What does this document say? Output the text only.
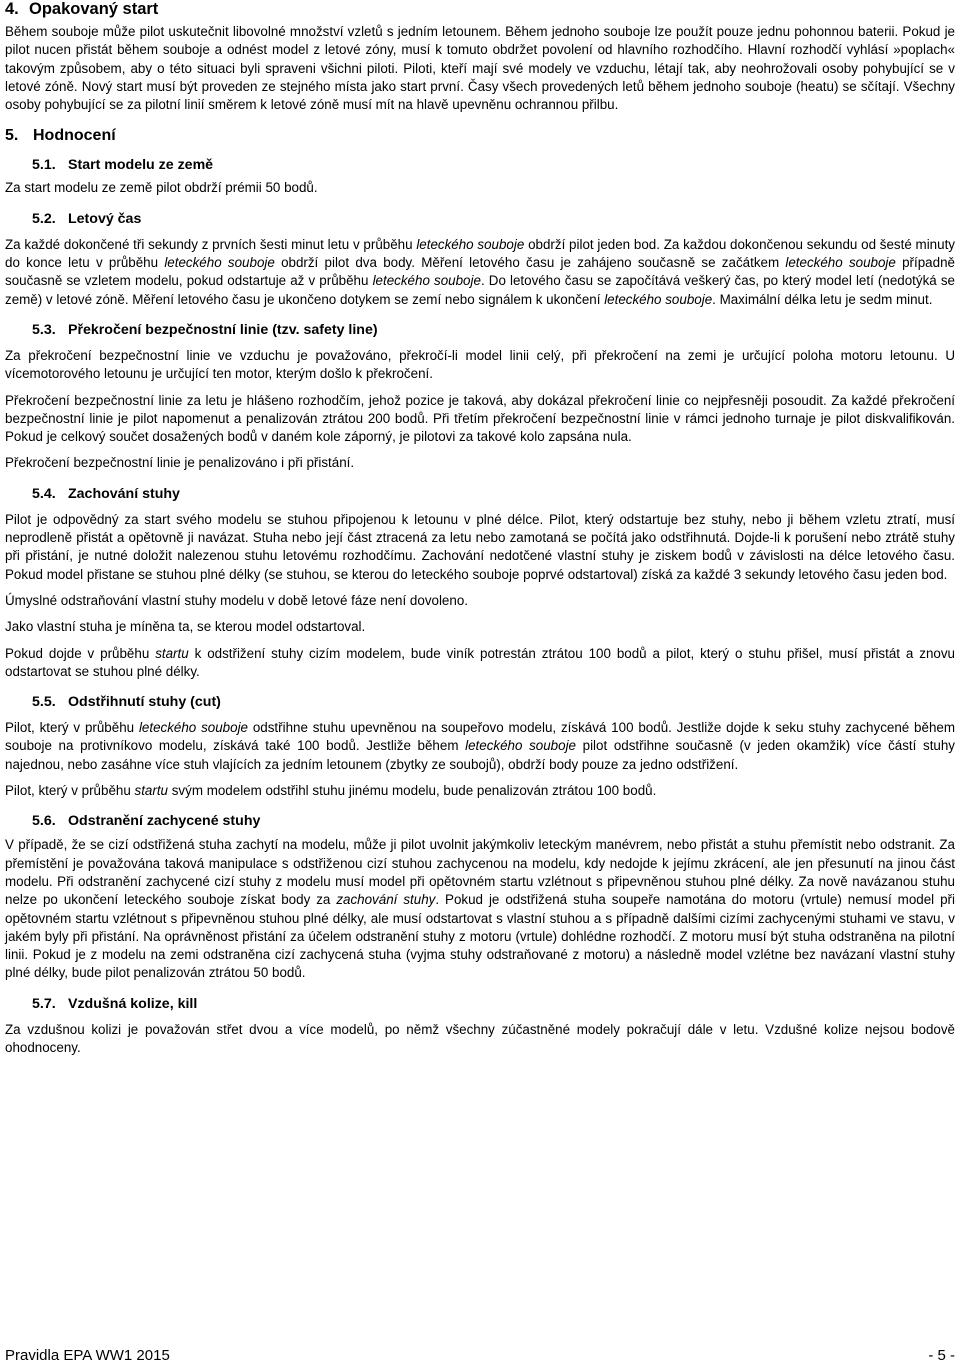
4. Opakovaný start

Během souboje může pilot uskutečnit libovolné množství vzletů s jedním letounem. Během jednoho souboje lze použít pouze jednu pohonnou baterii. Pokud je pilot nucen přistát během souboje a odnést model z letové zóny, musí k tomuto obdržet povolení od hlavního rozhodčího. Hlavní rozhodčí vyhlásí »poplach« takovým způsobem, aby o této situaci byli spraveni všichni piloti. Piloti, kteří mají své modely ve vzduchu, létají tak, aby neohrožovali osoby pohybující se v letové zóně. Nový start musí být proveden ze stejného místa jako start první. Časy všech provedených letů během jednoho souboje (heatu) se sčítají. Všechny osoby pohybující se za pilotní linií směrem k letové zóně musí mít na hlavě upevněnu ochrannou přilbu.

5. Hodnocení
5.1. Start modelu ze země

Za start modelu ze země pilot obdrží prémii 50 bodů.

5.2. Letový čas

Za každé dokončené tři sekundy z prvních šesti minut letu v průběhu leteckého souboje obdrží pilot jeden bod. Za každou dokončenou sekundu od šesté minuty do konce letu v průběhu leteckého souboje obdrží pilot dva body. Měření letového času je zahájeno současně se začátkem leteckého souboje případně současně se vzletem modelu, pokud odstartuje až v průběhu leteckého souboje. Do letového času se započítává veškerý čas, po který model letí (nedotýká se země) v letové zóně. Měření letového času je ukončeno dotykem se zemí nebo signálem k ukončení leteckého souboje. Maximální délka letu je sedm minut.

5.3. Překročení bezpečnostní linie (tzv. safety line)

Za překročení bezpečnostní linie ve vzduchu je považováno, překročí-li model linii celý, při překročení na zemi je určující poloha motoru letounu. U vícemotorového letounu je určující ten motor, kterým došlo k překročení.

Překročení bezpečnostní linie za letu je hlášeno rozhodčím, jehož pozice je taková, aby dokázal překročení linie co nejpřesněji posoudit. Za každé překročení bezpečnostní linie je pilot napomenut a penalizován ztrátou 200 bodů. Při třetím překročení bezpečnostní linie v rámci jednoho turnaje je pilot diskvalifikován. Pokud je celkový součet dosažených bodů v daném kole záporný, je pilotovi za takové kolo zapsána nula.

Překročení bezpečnostní linie je penalizováno i při přistání.

5.4. Zachování stuhy

Pilot je odpovědný za start svého modelu se stuhou připojenou k letounu v plné délce. Pilot, který odstartuje bez stuhy, nebo ji během vzletu ztratí, musí neprodleně přistát a opětovně ji navázat. Stuha nebo její část ztracená za letu nebo zamotaná se počítá jako odstřihnutá. Dojde-li k porušení nebo ztrátě stuhy při přistání, je nutné doložit nalezenou stuhu letovému rozhodčímu. Zachování nedotčené vlastní stuhy je ziskem bodů v závislosti na délce letového času. Pokud model přistane se stuhou plné délky (se stuhou, se kterou do leteckého souboje poprvé odstartoval) získá za každé 3 sekundy letového času jeden bod.

Úmyslné odstraňování vlastní stuhy modelu v době letové fáze není dovoleno.

Jako vlastní stuha je míněna ta, se kterou model odstartoval.

Pokud dojde v průběhu startu k odstřižení stuhy cizím modelem, bude viník potrestán ztrátou 100 bodů a pilot, který o stuhu přišel, musí přistát a znovu odstartovat se stuhou plné délky.

5.5. Odstřihnutí stuhy (cut)

Pilot, který v průběhu leteckého souboje odstřihne stuhu upevněnou na soupeřovo modelu, získává 100 bodů. Jestliže dojde k seku stuhy zachycené během souboje na protivníkovo modelu, získává také 100 bodů. Jestliže během leteckého souboje pilot odstřihne současně (v jeden okamžik) více částí stuhy najednou, nebo zasáhne více stuh vlajících za jedním letounem (zbytky ze soubojů), obdrží body pouze za jedno odstřižení.

Pilot, který v průběhu startu svým modelem odstřihl stuhu jinému modelu, bude penalizován ztrátou 100 bodů.

5.6. Odstranění zachycené stuhy

V případě, že se cizí odstřižená stuha zachytí na modelu, může ji pilot uvolnit jakýmkoliv leteckým manévrem, nebo přistát a stuhu přemístit nebo odstranit. Za přemístění je považována taková manipulace s odstřiženou cizí stuhou zachycenou na modelu, kdy nedojde k jejímu zkrácení, ale jen přesunutí na jinou část modelu. Při odstranění zachycené cizí stuhy z modelu musí model při opětovném startu vzlétnout s připevněnou stuhou plné délky. Za nově navázanou stuhu nelze po ukončení leteckého souboje získat body za zachování stuhy. Pokud je odstřižená stuha soupeře namotána do motoru (vrtule) nemusí model při opětovném startu vzlétnout s připevněnou stuhou plné délky, ale musí odstartovat s vlastní stuhou a s případně dalšími cizími zachycenými stuhami ve stavu, v jakém byly při přistání. Na oprávněnost přistání za účelem odstranění stuhy z motoru (vrtule) dohlédne rozhodčí. Z motoru musí být stuha odstraněna na pilotní linii. Pokud je z modelu na zemi odstraněna cizí zachycená stuha (vyjma stuhy odstraňované z motoru) a následně model vzlétne bez navázaní vlastní stuhy plné délky, bude pilot penalizován ztrátou 50 bodů.

5.7. Vzdušná kolize, kill

Za vzdušnou kolizi je považován střet dvou a více modelů, po němž všechny zúčastněné modely pokračují dále v letu. Vzdušné kolize nejsou bodově ohodnoceny.

Pravidla EPA WW1 2015	- 5 -
